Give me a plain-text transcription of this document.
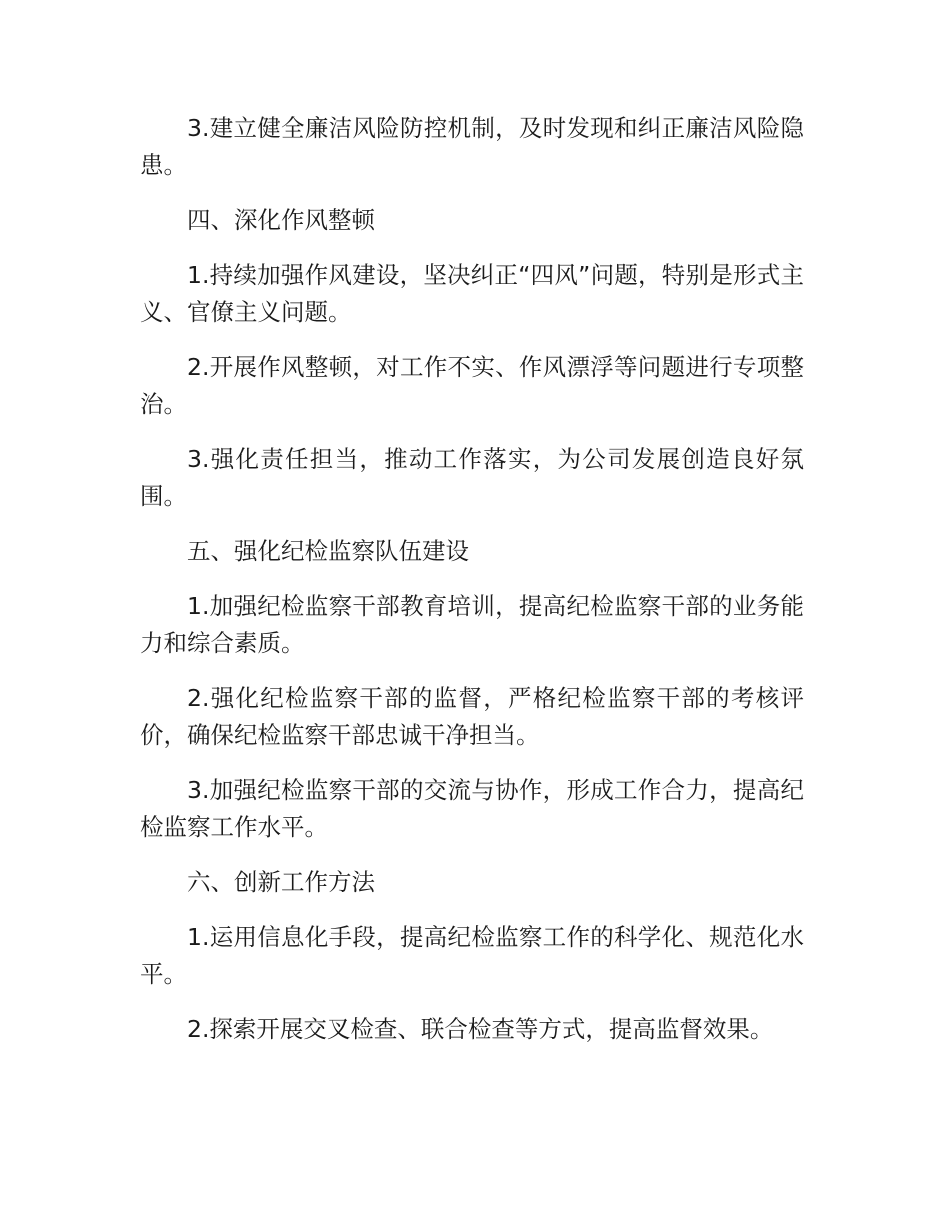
3.建立健全廉洁风险防控机制，及时发现和纠正廉洁风险隐患。

四、深化作风整顿

1.持续加强作风建设，坚决纠正“四风”问题，特别是形式主义、官僚主义问题。

2.开展作风整顿，对工作不实、作风漂浮等问题进行专项整治。

3.强化责任担当，推动工作落实，为公司发展创造良好氛围。

五、强化纪检监察队伍建设

1.加强纪检监察干部教育培训，提高纪检监察干部的业务能力和综合素质。

2.强化纪检监察干部的监督，严格纪检监察干部的考核评价，确保纪检监察干部忠诚干净担当。

3.加强纪检监察干部的交流与协作，形成工作合力，提高纪检监察工作水平。

六、创新工作方法

1.运用信息化手段，提高纪检监察工作的科学化、规范化水平。

2.探索开展交叉检查、联合检查等方式，提高监督效果。
